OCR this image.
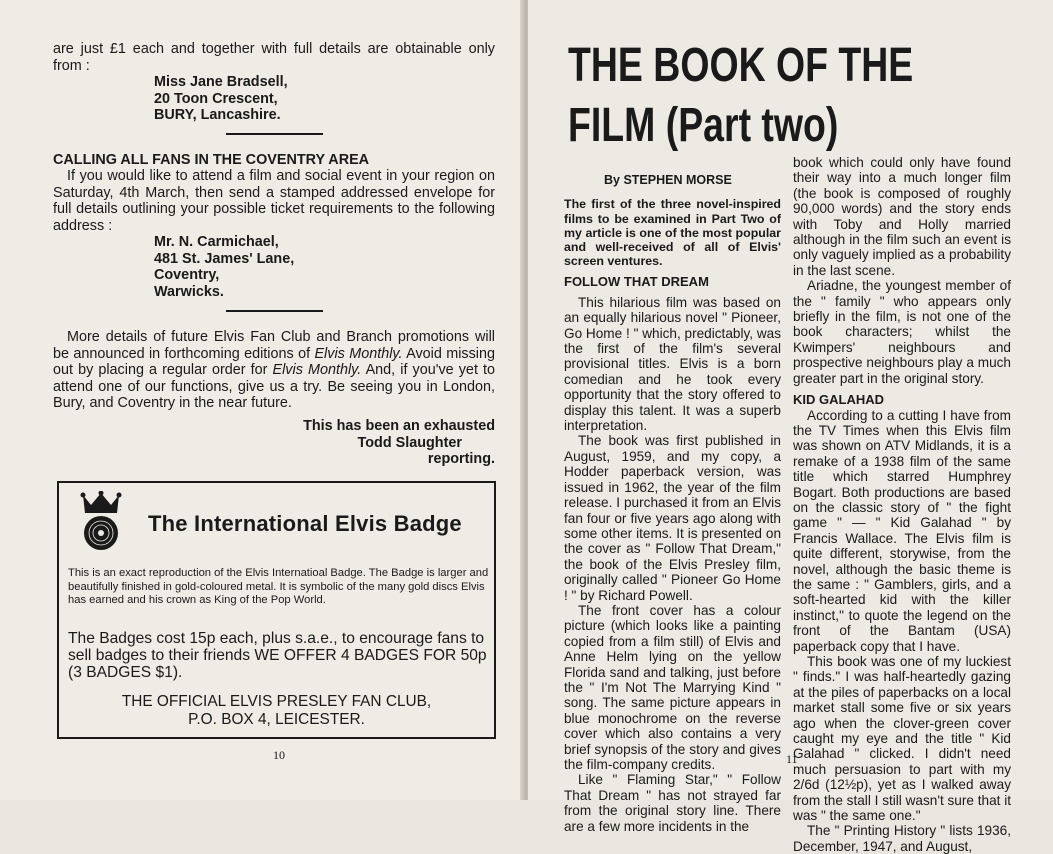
are just £1 each and together with full details are obtainable only from :
Miss Jane Bradsell,
20 Toon Crescent,
BURY, Lancashire.
CALLING ALL FANS IN THE COVENTRY AREA
If you would like to attend a film and social event in your region on Saturday, 4th March, then send a stamped addressed envelope for full details outlining your possible ticket requirements to the following address :
Mr. N. Carmichael,
481 St. James' Lane,
Coventry,
Warwicks.
More details of future Elvis Fan Club and Branch promotions will be announced in forthcoming editions of Elvis Monthly. Avoid missing out by placing a regular order for Elvis Monthly. And, if you've yet to attend one of our functions, give us a try. Be seeing you in London, Bury, and Coventry in the near future.
This has been an exhausted
Todd Slaughter
reporting.
The International Elvis Badge
This is an exact reproduction of the Elvis Internatioal Badge. The Badge is larger and beautifully finished in gold-coloured metal. It is symbolic of the many gold discs Elvis has earned and his crown as King of the Pop World.
The Badges cost 15p each, plus s.a.e., to encourage fans to sell badges to their friends WE OFFER 4 BADGES FOR 50p (3 BADGES $1).
THE OFFICIAL ELVIS PRESLEY FAN CLUB,
P.O. BOX 4, LEICESTER.
10
THE BOOK OF THE FILM (Part two)
By STEPHEN MORSE

The first of the three novel-inspired films to be examined in Part Two of my article is one of the most popular and well-received of all of Elvis' screen ventures.

FOLLOW THAT DREAM

This hilarious film was based on an equally hilarious novel " Pioneer, Go Home ! " which, predictably, was the first of the film's several provisional titles. Elvis is a born comedian and he took every opportunity that the story offered to display this talent. It was a superb interpretation.

The book was first published in August, 1959, and my copy, a Hodder paperback version, was issued in 1962, the year of the film release. I purchased it from an Elvis fan four or five years ago along with some other items. It is presented on the cover as " Follow That Dream," the book of the Elvis Presley film, originally called " Pioneer Go Home ! " by Richard Powell.

The front cover has a colour picture (which looks like a painting copied from a film still) of Elvis and Anne Helm lying on the yellow Florida sand and talking, just before the " I'm Not The Marrying Kind " song. The same picture appears in blue monochrome on the reverse cover which also contains a very brief synopsis of the story and gives the film-company credits.

Like " Flaming Star," " Follow That Dream " has not strayed far from the original story line. There are a few more incidents in the

book which could only have found their way into a much longer film (the book is composed of roughly 90,000 words) and the story ends with Toby and Holly married although in the film such an event is only vaguely implied as a probability in the last scene.

Ariadne, the youngest member of the " family " who appears only briefly in the film, is not one of the book characters; whilst the Kwimpers' neighbours and prospective neighbours play a much greater part in the original story.

KID GALAHAD

According to a cutting I have from the TV Times when this Elvis film was shown on ATV Midlands, it is a remake of a 1938 film of the same title which starred Humphrey Bogart. Both productions are based on the classic story of " the fight game " — " Kid Galahad " by Francis Wallace. The Elvis film is quite different, storywise, from the novel, although the basic theme is the same : " Gamblers, girls, and a soft-hearted kid with the killer instinct," to quote the legend on the front of the Bantam (USA) paperback copy that I have.

This book was one of my luckiest " finds." I was half-heartedly gazing at the piles of paperbacks on a local market stall some five or six years ago when the clover-green cover caught my eye and the title " Kid Galahad " clicked. I didn't need much persuasion to part with my 2/6d (12½p), yet as I walked away from the stall I still wasn't sure that it was " the same one."

The " Printing History " lists 1936, December, 1947, and August,

11
